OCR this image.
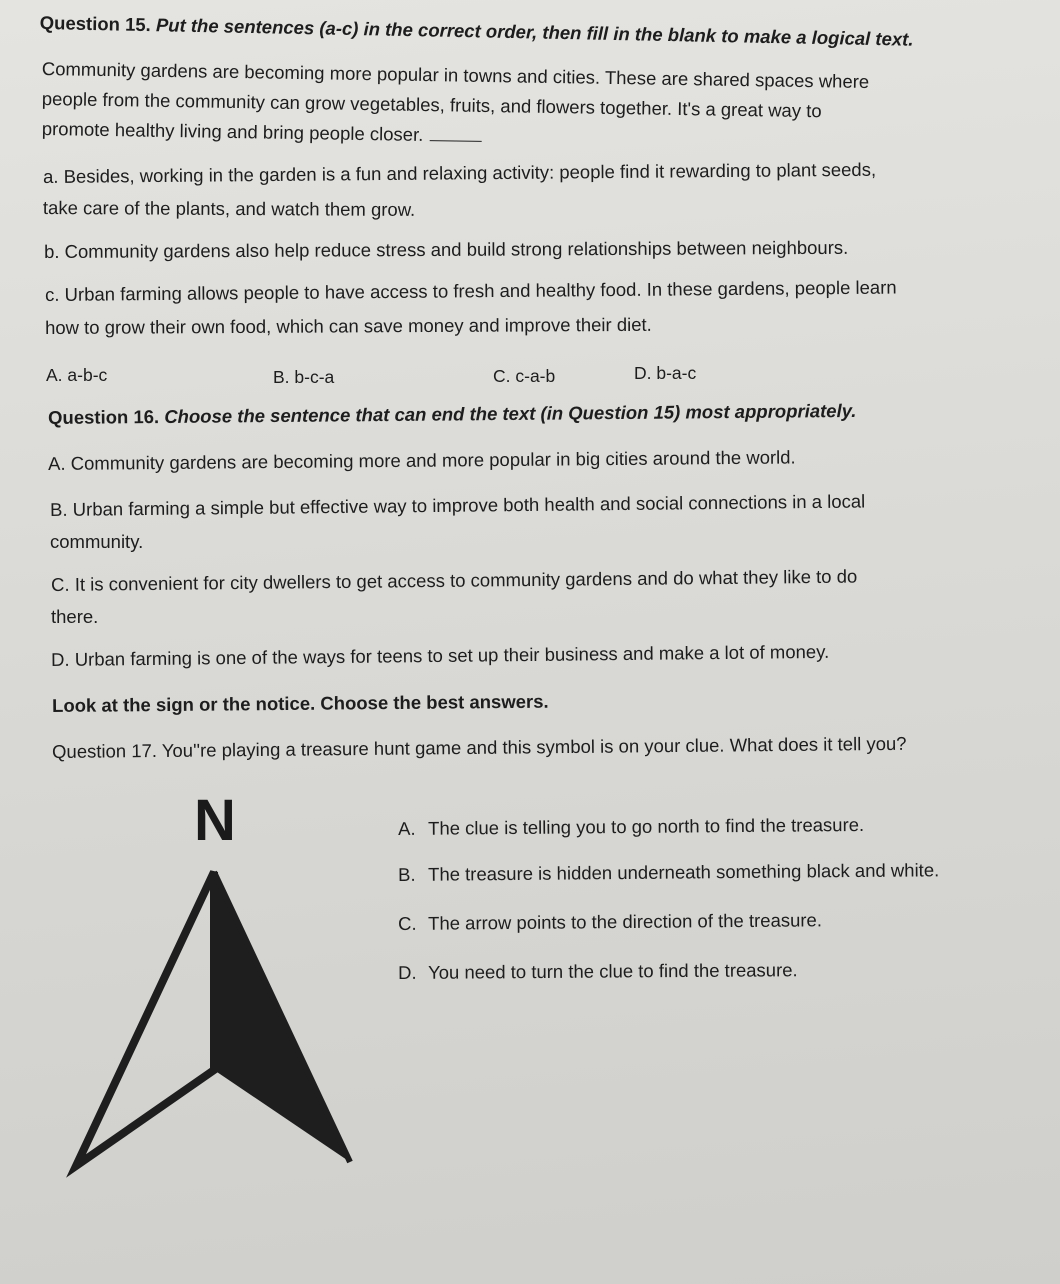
Question 15. Put the sentences (a-c) in the correct order, then fill in the blank to make a logical text.
Community gardens are becoming more popular in towns and cities. These are shared spaces where
people from the community can grow vegetables, fruits, and flowers together. It's a great way to
promote healthy living and bring people closer.
a. Besides, working in the garden is a fun and relaxing activity: people find it rewarding to plant seeds,
take care of the plants, and watch them grow.
b. Community gardens also help reduce stress and build strong relationships between neighbours.
c. Urban farming allows people to have access to fresh and healthy food. In these gardens, people learn
how to grow their own food, which can save money and improve their diet.
A. a-b-c	B. b-c-a	C. c-a-b	D. b-a-c
Question 16. Choose the sentence that can end the text (in Question 15) most appropriately.
A. Community gardens are becoming more and more popular in big cities around the world.
B. Urban farming a simple but effective way to improve both health and social connections in a local
community.
C. It is convenient for city dwellers to get access to community gardens and do what they like to do
there.
D. Urban farming is one of the ways for teens to set up their business and make a lot of money.
Look at the sign or the notice. Choose the best answers.
Question 17. You''re playing a treasure hunt game and this symbol is on your clue. What does it tell you?
N	A. The clue is telling you to go north to find the treasure.
B. The treasure is hidden underneath something black and white.
C. The arrow points to the direction of the treasure.
D. You need to turn the clue to find the treasure.
